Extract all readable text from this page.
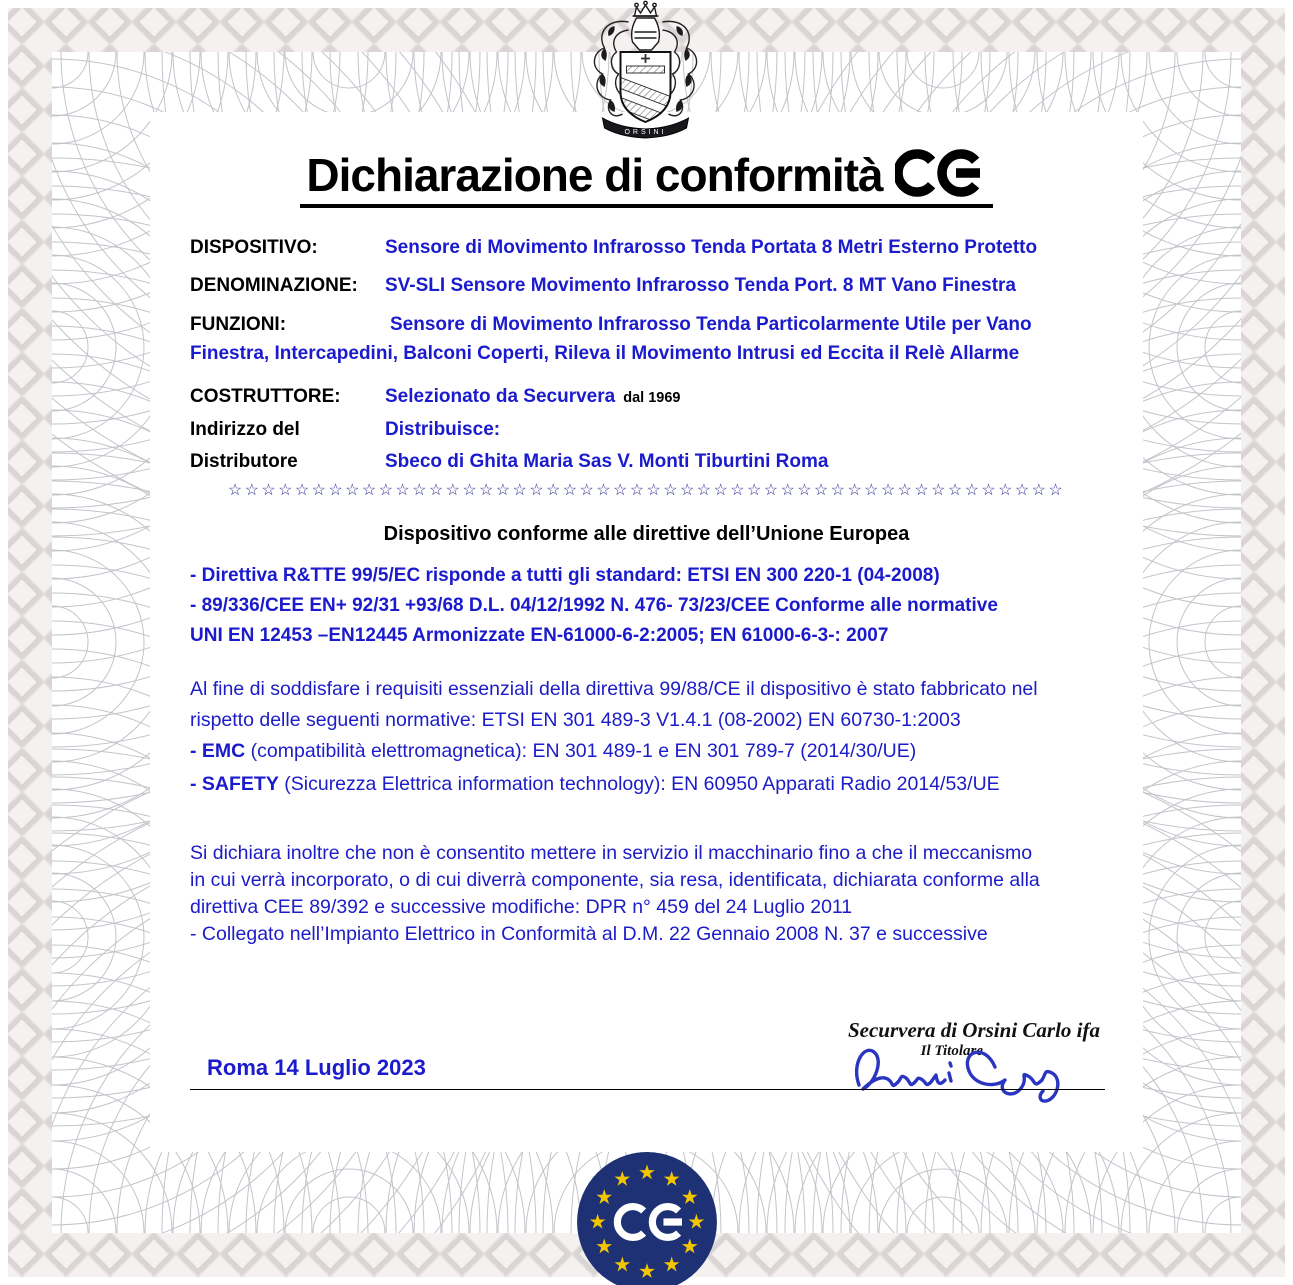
ORSINI
Dichiarazione di conformità
DISPOSITIVO:	Sensore di Movimento Infrarosso Tenda Portata 8 Metri Esterno Protetto
DENOMINAZIONE: SV-SLI Sensore Movimento Infrarosso Tenda Port. 8 MT Vano Finestra
FUNZIONI:	Sensore di Movimento Infrarosso Tenda Particolarmente Utile per Vano
Finestra, Intercapedini, Balconi Coperti, Rileva il Movimento Intrusi ed Eccita il Relè Allarme
COSTRUTTORE: Selezionato da Securvera dal 1969
Indirizzo del	Distribuisce:
Distributore	Sbeco di Ghita Maria Sas V. Monti Tiburtini Roma
☆☆☆☆☆☆☆☆☆☆☆☆☆☆☆☆☆☆☆☆☆☆☆☆☆☆☆☆☆☆☆☆☆☆☆☆☆☆☆☆☆☆☆☆☆☆☆☆☆☆
Dispositivo conforme alle direttive dell’Unione Europea
- Direttiva R&TTE 99/5/EC risponde a tutti gli standard: ETSI EN 300 220-1 (04-2008)
- 89/336/CEE EN+ 92/31 +93/68 D.L. 04/12/1992 N. 476- 73/23/CEE Conforme alle normative
UNI EN 12453 –EN12445 Armonizzate EN-61000-6-2:2005; EN 61000-6-3-: 2007
Al fine di soddisfare i requisiti essenziali della direttiva 99/88/CE il dispositivo è stato fabbricato nel
rispetto delle seguenti normative: ETSI EN 301 489-3 V1.4.1 (08-2002) EN 60730-1:2003
- EMC (compatibilità elettromagnetica): EN 301 489-1 e EN 301 789-7 (2014/30/UE)
- SAFETY (Sicurezza Elettrica information technology): EN 60950 Apparati Radio 2014/53/UE
Si dichiara inoltre che non è consentito mettere in servizio il macchinario fino a che il meccanismo
in cui verrà incorporato, o di cui diverrà componente, sia resa, identificata, dichiarata conforme alla
direttiva CEE 89/392 e successive modifiche: DPR n° 459 del 24 Luglio 2011
- Collegato nell’Impianto Elettrico in Conformità al D.M. 22 Gennaio 2008 N. 37 e successive
Securvera di Orsini Carlo ifa
Il Titolare
Roma 14 Luglio 2023
